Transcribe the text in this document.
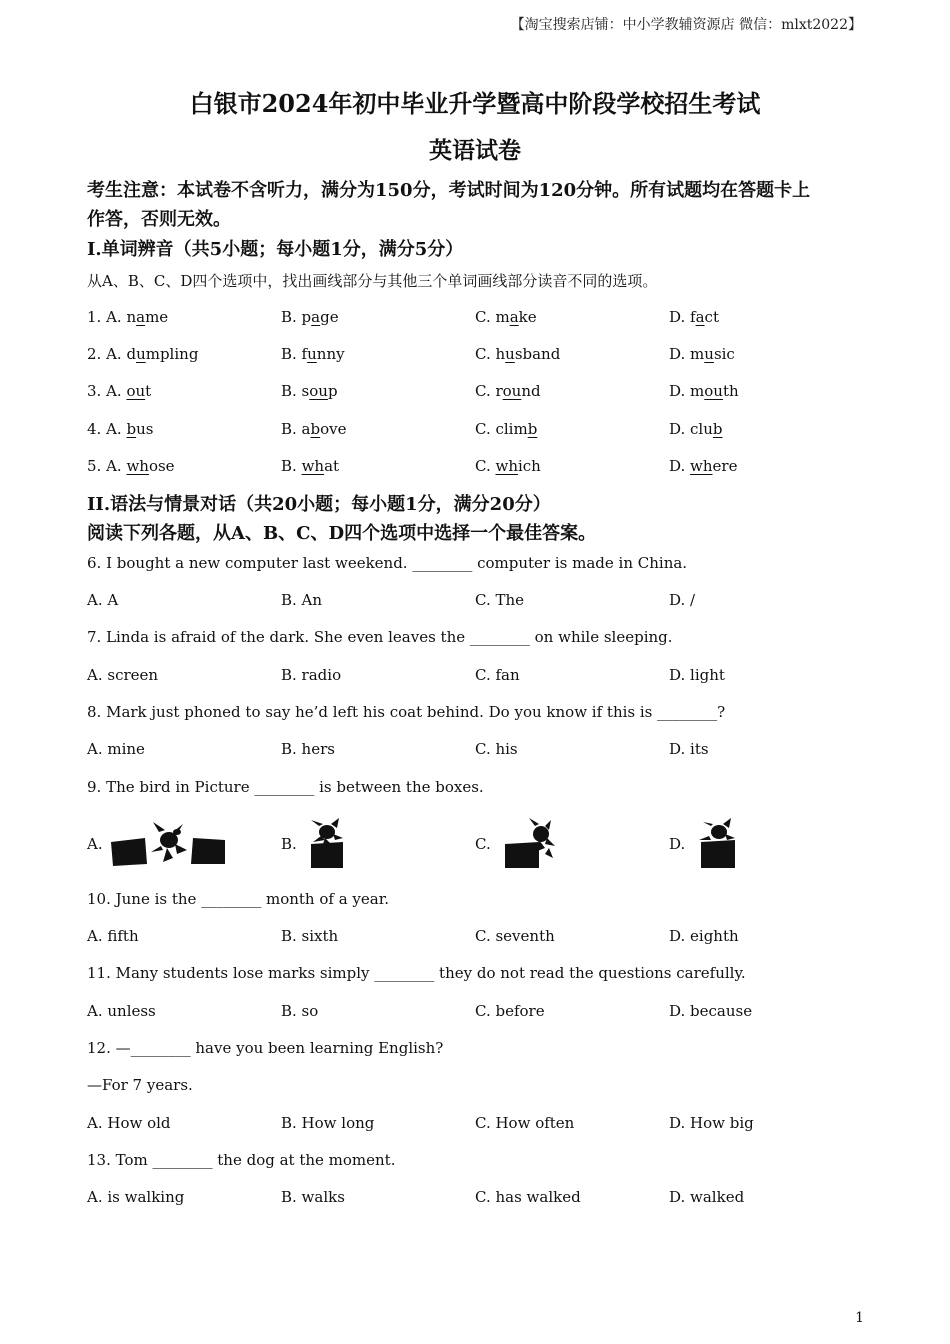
【淘宝搜索店铺：中小学教辅资源店 微信：mlxt2022】
白银市2024年初中毕业升学暨高中阶段学校招生考试
英语试卷
考生注意：本试卷不含听力，满分为150分，考试时间为120分钟。所有试题均在答题卡上
作答，否则无效。
I.单词辨音（共5小题；每小题1分，满分5分）
从A、B、C、D四个选项中，找出画线部分与其他三个单词画线部分读音不同的选项。
1. A. name	B. page	C. make	D. fact
2. A. dumpling	B. funny	C. husband	D. music
3. A. out	B. soup	C. round	D. mouth
4. A. bus	B. above	C. climb	D. club
5. A. whose	B. what	C. which	D. where
II.语法与情景对话（共20小题；每小题1分，满分20分）
阅读下列各题，从A、B、C、D四个选项中选择一个最佳答案。
6. I bought a new computer last weekend. ________ computer is made in China.
A. A	B. An	C. The	D. /
7. Linda is afraid of the dark. She even leaves the ________ on while sleeping.
A. screen	B. radio	C. fan	D. light
8. Mark just phoned to say he’d left his coat behind. Do you know if this is ________?
A. mine	B. hers	C. his	D. its
9. The bird in Picture ________ is between the boxes.
A.	B.	C.	D.
10. June is the ________ month of a year.
A. fifth	B. sixth	C. seventh	D. eighth
11. Many students lose marks simply ________ they do not read the questions carefully.
A. unless	B. so	C. before	D. because
12. —________ have you been learning English?
—For 7 years.
A. How old	B. How long	C. How often	D. How big
13. Tom ________ the dog at the moment.
A. is walking	B. walks	C. has walked	D. walked
1
